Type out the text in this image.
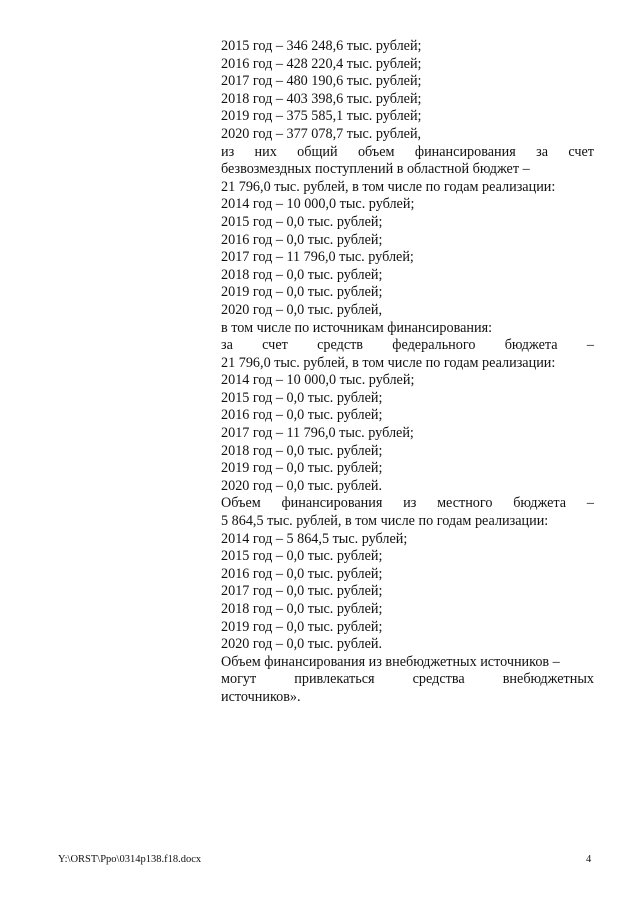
2015 год – 346 248,6 тыс. рублей;
2016 год – 428 220,4 тыс. рублей;
2017 год – 480 190,6 тыс. рублей;
2018 год – 403 398,6 тыс. рублей;
2019 год – 375 585,1 тыс. рублей;
2020 год – 377 078,7 тыс. рублей,
из них общий объем финансирования за счет
безвозмездных поступлений в областной бюджет –
21 796,0 тыс. рублей, в том числе по годам реализации:
2014 год – 10 000,0 тыс. рублей;
2015 год – 0,0 тыс. рублей;
2016 год – 0,0 тыс. рублей;
2017 год – 11 796,0 тыс. рублей;
2018 год – 0,0 тыс. рублей;
2019 год – 0,0 тыс. рублей;
2020 год – 0,0 тыс. рублей,
в том числе по источникам финансирования:
за счет средств федерального бюджета –
21 796,0 тыс. рублей, в том числе по годам реализации:
2014 год – 10 000,0 тыс. рублей;
2015 год – 0,0 тыс. рублей;
2016 год – 0,0 тыс. рублей;
2017 год – 11 796,0 тыс. рублей;
2018 год – 0,0 тыс. рублей;
2019 год – 0,0 тыс. рублей;
2020 год – 0,0 тыс. рублей.
Объем финансирования из местного бюджета –
5 864,5 тыс. рублей, в том числе по годам реализации:
2014 год – 5 864,5 тыс. рублей;
2015 год – 0,0 тыс. рублей;
2016 год – 0,0 тыс. рублей;
2017 год – 0,0 тыс. рублей;
2018 год – 0,0 тыс. рублей;
2019 год – 0,0 тыс. рублей;
2020 год – 0,0 тыс. рублей.
Объем финансирования из внебюджетных источников –
могут	привлекаться	средства	внебюджетных
источников».
Y:\ORST\Ppo\0314p138.f18.docx	4
